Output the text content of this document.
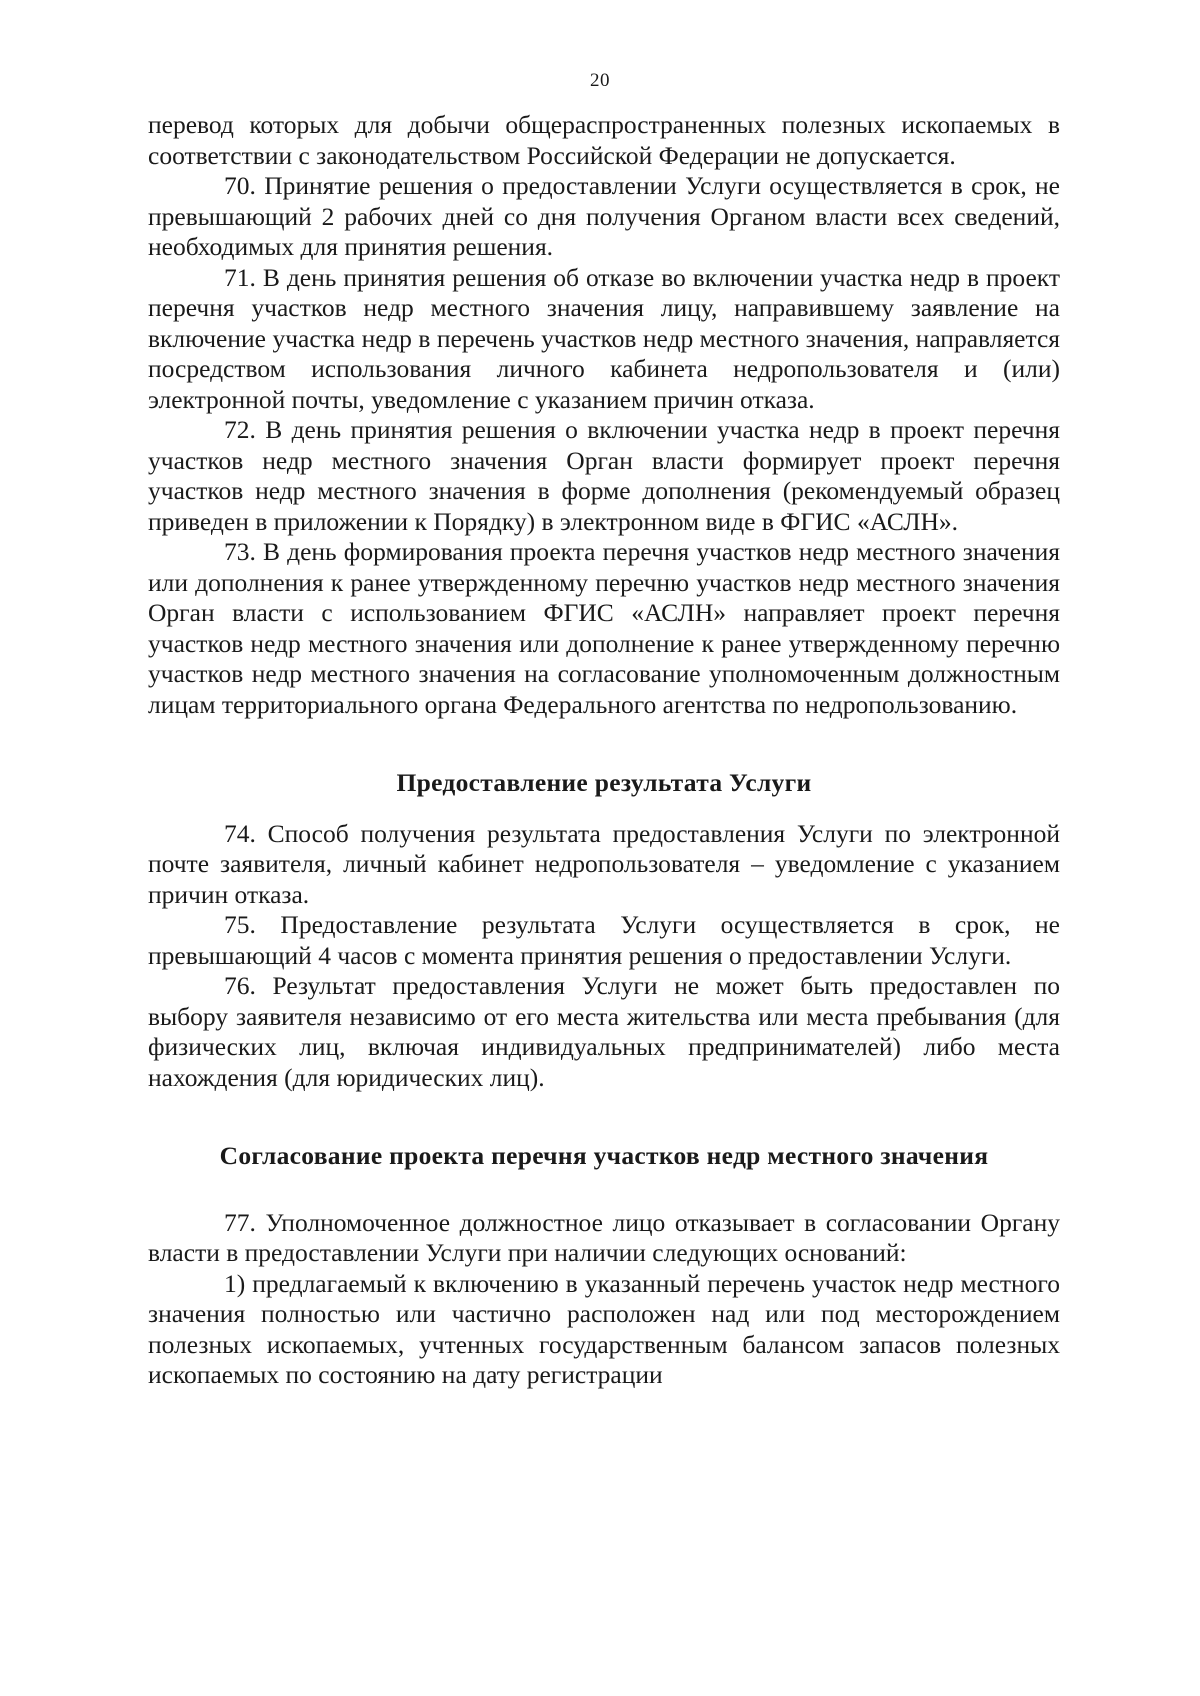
20

перевод которых для добычи общераспространенных полезных ископаемых в соответствии с законодательством Российской Федерации не допускается.

70. Принятие решения о предоставлении Услуги осуществляется в срок, не превышающий 2 рабочих дней со дня получения Органом власти всех сведений, необходимых для принятия решения.

71. В день принятия решения об отказе во включении участка недр в проект перечня участков недр местного значения лицу, направившему заявление на включение участка недр в перечень участков недр местного значения, направляется посредством использования личного кабинета недропользователя и (или) электронной почты, уведомление с указанием причин отказа.

72. В день принятия решения о включении участка недр в проект перечня участков недр местного значения Орган власти формирует проект перечня участков недр местного значения в форме дополнения (рекомендуемый образец приведен в приложении к Порядку) в электронном виде в ФГИС «АСЛН».

73. В день формирования проекта перечня участков недр местного значения или дополнения к ранее утвержденному перечню участков недр местного значения Орган власти с использованием ФГИС «АСЛН» направляет проект перечня участков недр местного значения или дополнение к ранее утвержденному перечню участков недр местного значения на согласование уполномоченным должностным лицам территориального органа Федерального агентства по недропользованию.

Предоставление результата Услуги

74. Способ получения результата предоставления Услуги по электронной почте заявителя, личный кабинет недропользователя – уведомление с указанием причин отказа.

75. Предоставление результата Услуги осуществляется в срок, не превышающий 4 часов с момента принятия решения о предоставлении Услуги.

76. Результат предоставления Услуги не может быть предоставлен по выбору заявителя независимо от его места жительства или места пребывания (для физических лиц, включая индивидуальных предпринимателей) либо места нахождения (для юридических лиц).

Согласование проекта перечня участков недр местного значения

77. Уполномоченное должностное лицо отказывает в согласовании Органу власти в предоставлении Услуги при наличии следующих оснований:

1) предлагаемый к включению в указанный перечень участок недр местного значения полностью или частично расположен над или под месторождением полезных ископаемых, учтенных государственным балансом запасов полезных ископаемых по состоянию на дату регистрации
